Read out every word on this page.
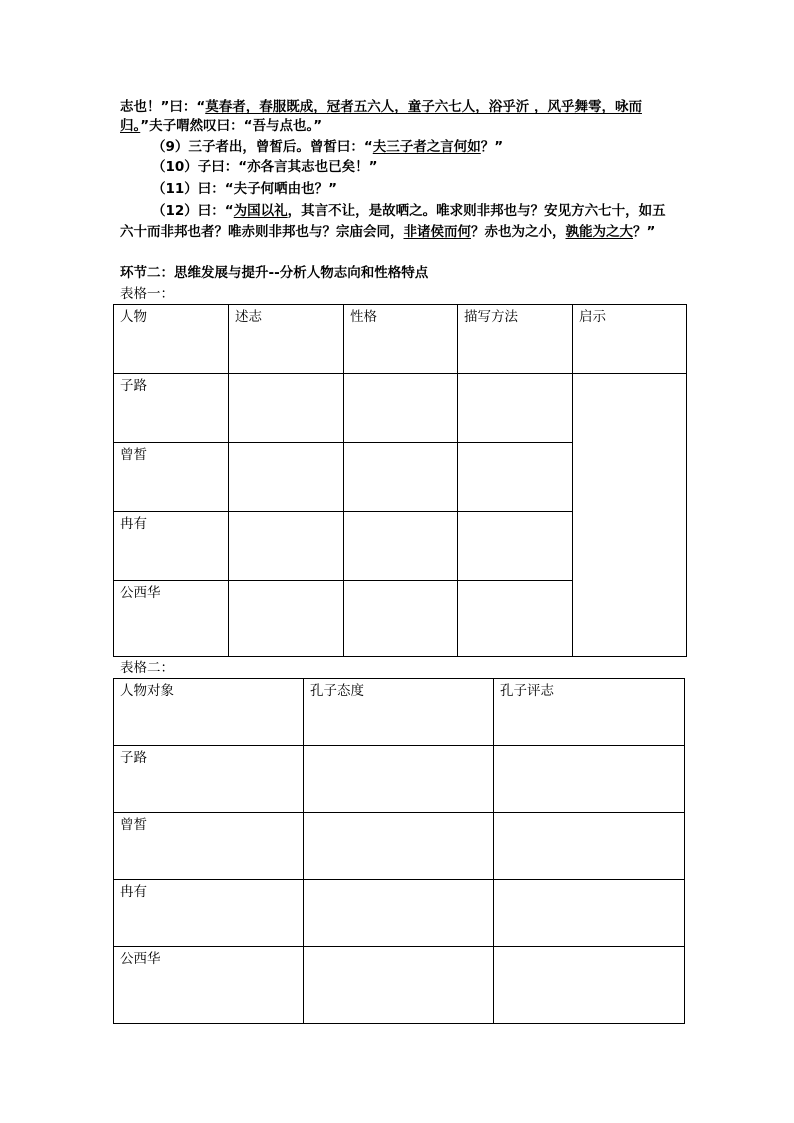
志也！”曰：“莫春者，春服既成，冠者五六人，童子六七人，浴乎沂 ，风乎舞雩，咏而
归。”夫子喟然叹曰：“吾与点也。”
（9）三子者出，曾皙后。曾皙曰：“夫三子者之言何如？”
（10）子曰：“亦各言其志也已矣！”
（11）曰：“夫子何哂由也？”
（12）曰：“为国以礼，其言不让，是故哂之。唯求则非邦也与？安见方六七十，如五
六十而非邦也者？唯赤则非邦也与？宗庙会同，非诸侯而何？赤也为之小，孰能为之大？”
环节二：思维发展与提升--分析人物志向和性格特点
表格一：
人物	述志	性格	描写方法	启示
子路				
曾皙				
冉有				
公西华				
表格二：
人物对象	孔子态度	孔子评志
子路		
曾皙		
冉有		
公西华		
